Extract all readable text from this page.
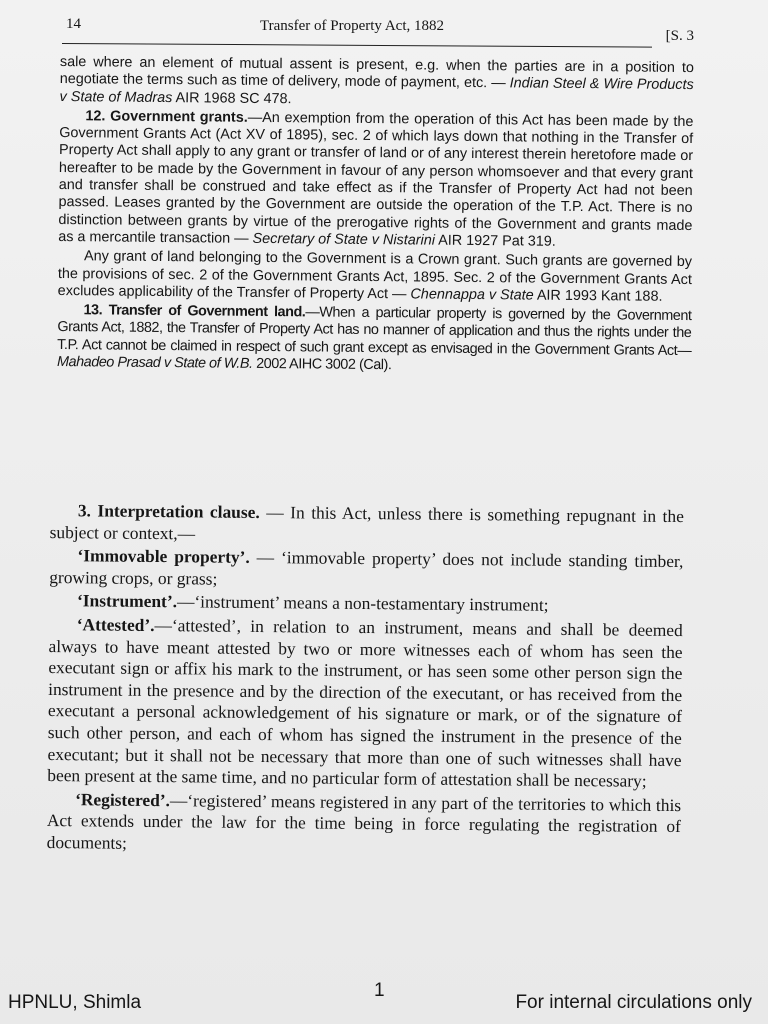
14	Transfer of Property Act, 1882
[S. 3

sale where an element of mutual assent is present, e.g. when the parties are in a position to negotiate the terms such as time of delivery, mode of payment, etc. — Indian Steel & Wire Products v State of Madras AIR 1968 SC 478.

12. Government grants.—An exemption from the operation of this Act has been made by the Government Grants Act (Act XV of 1895), sec. 2 of which lays down that nothing in the Transfer of Property Act shall apply to any grant or transfer of land or of any interest therein heretofore made or hereafter to be made by the Government in favour of any person whomsoever and that every grant and transfer shall be construed and take effect as if the Transfer of Property Act had not been passed. Leases granted by the Government are outside the operation of the T.P. Act. There is no distinction between grants by virtue of the prerogative rights of the Government and grants made as a mercantile transaction — Secretary of State v Nistarini AIR 1927 Pat 319.

Any grant of land belonging to the Government is a Crown grant. Such grants are governed by the provisions of sec. 2 of the Government Grants Act, 1895. Sec. 2 of the Government Grants Act excludes applicability of the Transfer of Property Act — Chennappa v State AIR 1993 Kant 188.

13. Transfer of Government land.—When a particular property is governed by the Government Grants Act, 1882, the Transfer of Property Act has no manner of application and thus the rights under the T.P. Act cannot be claimed in respect of such grant except as envisaged in the Government Grants Act— Mahadeo Prasad v State of W.B. 2002 AIHC 3002 (Cal).

3. Interpretation clause. — In this Act, unless there is something repugnant in the subject or context,—

‘Immovable property’. — ‘immovable property’ does not include standing timber, growing crops, or grass;

‘Instrument’.—‘instrument’ means a non-testamentary instrument;

‘Attested’.—‘attested’, in relation to an instrument, means and shall be deemed always to have meant attested by two or more witnesses each of whom has seen the executant sign or affix his mark to the instrument, or has seen some other person sign the instrument in the presence and by the direction of the executant, or has received from the executant a personal acknowledgement of his signature or mark, or of the signature of such other person, and each of whom has signed the instrument in the presence of the executant; but it shall not be necessary that more than one of such witnesses shall have been present at the same time, and no particular form of attestation shall be necessary;

‘Registered’.—‘registered’ means registered in any part of the territories to which this Act extends under the law for the time being in force regulating the registration of documents;

HPNLU, Shimla
1
For internal circulations only
